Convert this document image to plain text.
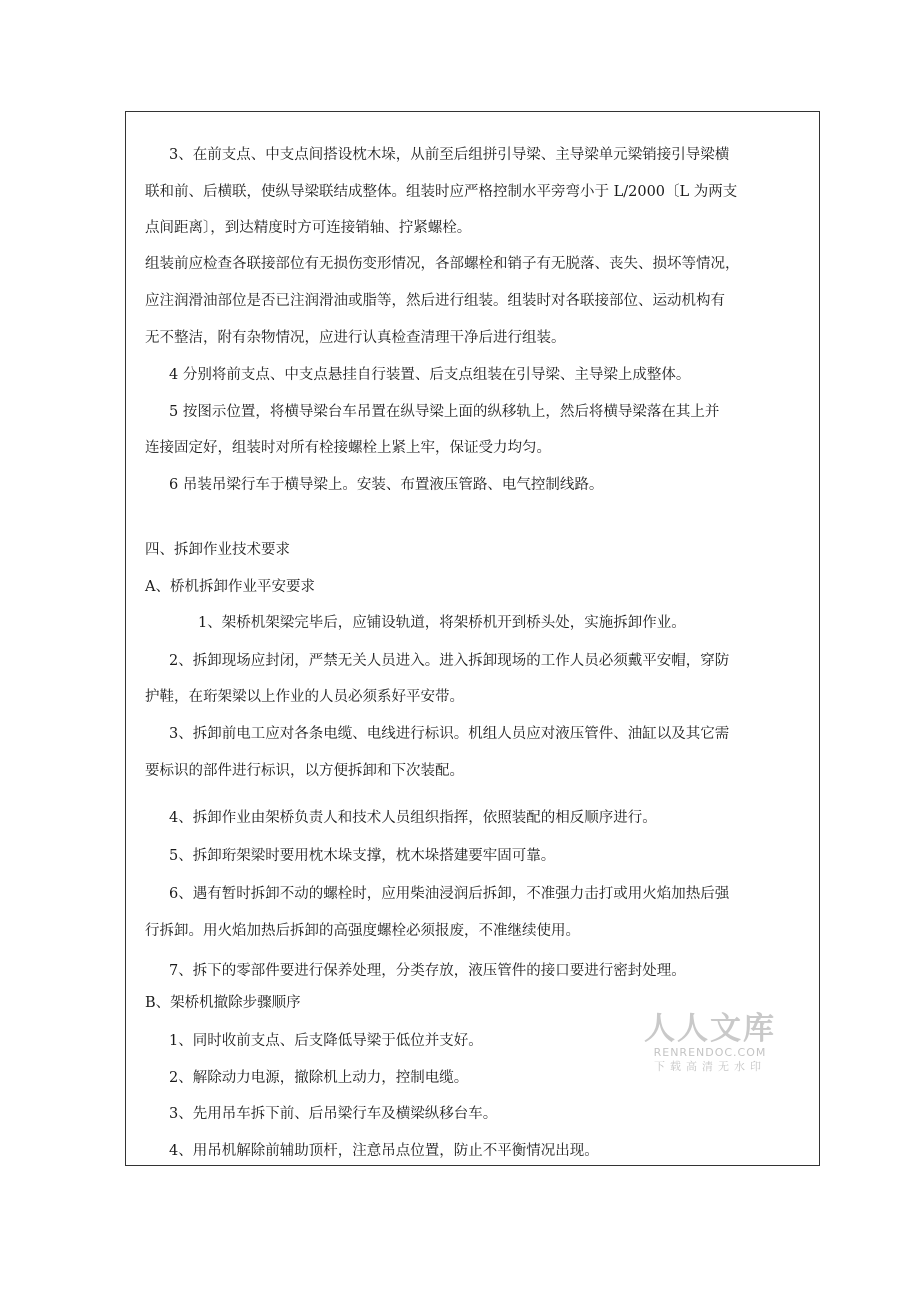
3、在前支点、中支点间搭设枕木垛，从前至后组拼引导梁、主导梁单元梁销接引导梁横
联和前、后横联，使纵导梁联结成整体。组装时应严格控制水平旁弯小于 L/2000〔L 为两支
点间距离〕，到达精度时方可连接销轴、拧紧螺栓。
组装前应检查各联接部位有无损伤变形情况，各部螺栓和销子有无脱落、丧失、损坏等情况，
应注润滑油部位是否已注润滑油或脂等，然后进行组装。组装时对各联接部位、运动机构有
无不整洁，附有杂物情况，应进行认真检查清理干净后进行组装。
4 分别将前支点、中支点悬挂自行装置、后支点组装在引导梁、主导梁上成整体。
5 按图示位置，将横导梁台车吊置在纵导梁上面的纵移轨上，然后将横导梁落在其上并
连接固定好，组装时对所有栓接螺栓上紧上牢，保证受力均匀。
6 吊装吊梁行车于横导梁上。安装、布置液压管路、电气控制线路。
四、拆卸作业技术要求
A、桥机拆卸作业平安要求
1、架桥机架梁完毕后，应铺设轨道，将架桥机开到桥头处，实施拆卸作业。
2、拆卸现场应封闭，严禁无关人员进入。进入拆卸现场的工作人员必须戴平安帽，穿防
护鞋，在珩架梁以上作业的人员必须系好平安带。
3、拆卸前电工应对各条电缆、电线进行标识。机组人员应对液压管件、油缸以及其它需
要标识的部件进行标识，以方便拆卸和下次装配。
4、拆卸作业由架桥负责人和技术人员组织指挥，依照装配的相反顺序进行。
5、拆卸珩架梁时要用枕木垛支撑，枕木垛搭建要牢固可靠。
6、遇有暂时拆卸不动的螺栓时，应用柴油浸润后拆卸，不准强力击打或用火焰加热后强
行拆卸。用火焰加热后拆卸的高强度螺栓必须报废，不准继续使用。
7、拆下的零部件要进行保养处理，分类存放，液压管件的接口要进行密封处理。
B、架桥机撤除步骤顺序
1、同时收前支点、后支降低导梁于低位并支好。
2、解除动力电源，撤除机上动力，控制电缆。
3、先用吊车拆下前、后吊梁行车及横梁纵移台车。
4、用吊机解除前辅助顶杆，注意吊点位置，防止不平衡情况出现。
人人文库
RENRENDOC.COM
下载高清无水印
